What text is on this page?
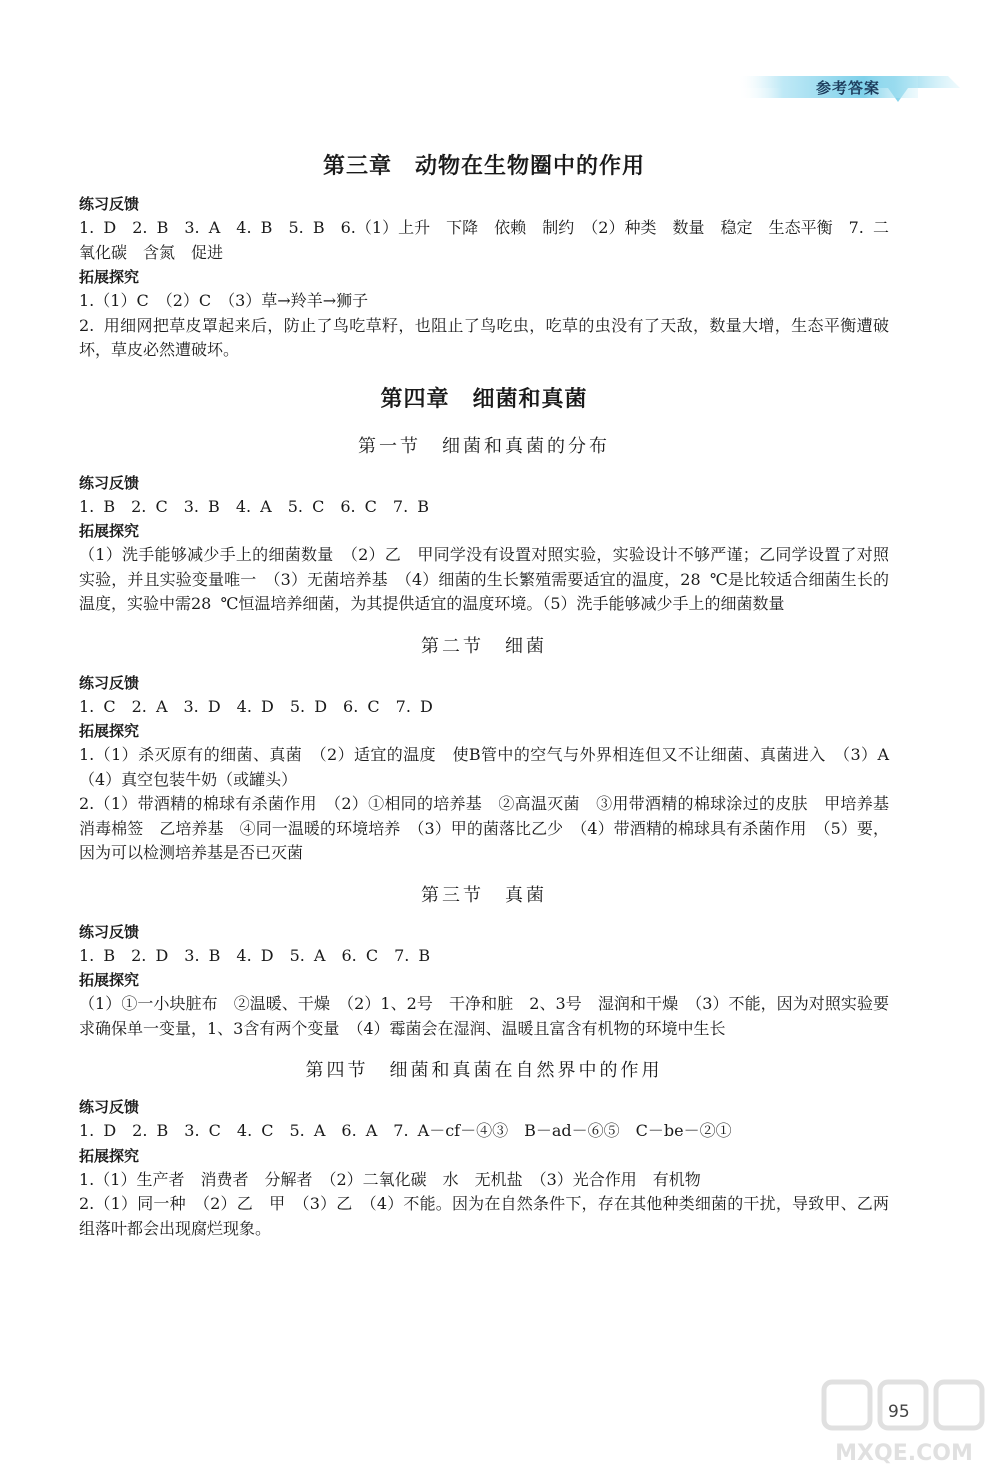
参考答案
第三章　动物在生物圈中的作用
练习反馈

1. D　2. B　3. A　4. B　5. B　6.（1）上升　下降　依赖　制约　（2）种类　数量　稳定　生态平衡　7. 二氧化碳　含氮　促进

拓展探究

1.（1）C　（2）C　（3）草→羚羊→狮子

2. 用细网把草皮罩起来后，防止了鸟吃草籽，也阻止了鸟吃虫，吃草的虫没有了天敌，数量大增，生态平衡遭破坏，草皮必然遭破坏。

第四章　细菌和真菌
第一节　细菌和真菌的分布
练习反馈

1. B　2. C　3. B　4. A　5. C　6. C　7. B

拓展探究

（1）洗手能够减少手上的细菌数量　（2）乙　甲同学没有设置对照实验，实验设计不够严谨；乙同学设置了对照实验，并且实验变量唯一　（3）无菌培养基　（4）细菌的生长繁殖需要适宜的温度，28 ℃是比较适合细菌生长的温度，实验中需28 ℃恒温培养细菌，为其提供适宜的温度环境。（5）洗手能够减少手上的细菌数量

第二节　细菌
练习反馈

1. C　2. A　3. D　4. D　5. D　6. C　7. D

拓展探究

1.（1）杀灭原有的细菌、真菌　（2）适宜的温度　使B管中的空气与外界相连但又不让细菌、真菌进入　（3）A　（4）真空包装牛奶（或罐头）

2.（1）带酒精的棉球有杀菌作用　（2）①相同的培养基　②高温灭菌　③用带酒精的棉球涂过的皮肤　甲培养基　消毒棉签　乙培养基　④同一温暖的环境培养　（3）甲的菌落比乙少　（4）带酒精的棉球具有杀菌作用　（5）要，因为可以检测培养基是否已灭菌

第三节　真菌
练习反馈

1. B　2. D　3. B　4. D　5. A　6. C　7. B

拓展探究

（1）①一小块脏布　②温暖、干燥　（2）1、2号　干净和脏　2、3号　湿润和干燥　（3）不能，因为对照实验要求确保单一变量，1、3含有两个变量　（4）霉菌会在湿润、温暖且富含有机物的环境中生长

第四节　细菌和真菌在自然界中的作用
练习反馈

1. D　2. B　3. C　4. C　5. A　6. A　7. A－cf－④③　B－ad－⑥⑤　C－be－②①

拓展探究

1.（1）生产者　消费者　分解者　（2）二氧化碳　水　无机盐　（3）光合作用　有机物

2.（1）同一种　（2）乙　甲　（3）乙　（4）不能。因为在自然条件下，存在其他种类细菌的干扰，导致甲、乙两组落叶都会出现腐烂现象。

95
MXQE.COM
